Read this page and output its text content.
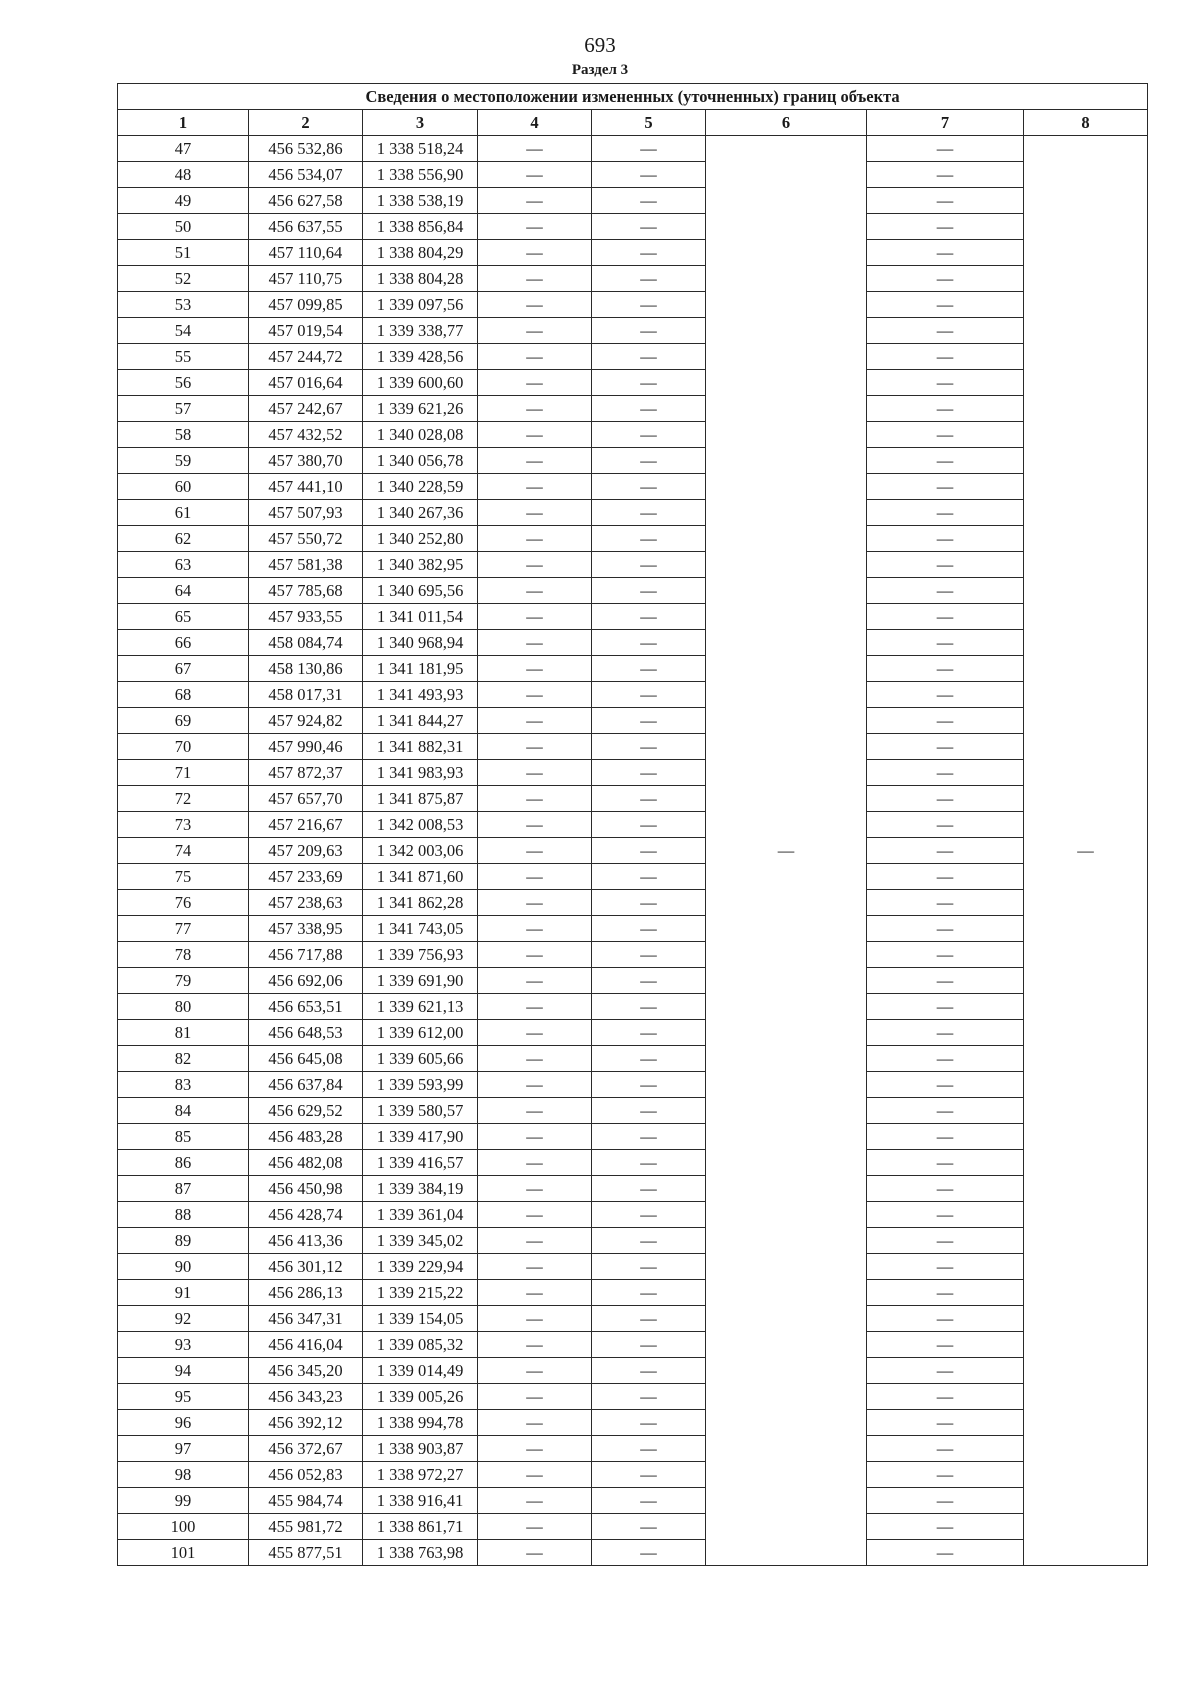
693
Раздел 3
Сведения о местоположении измененных (уточненных) границ объекта							
1	2	3	4	5	6	7	8
47	456 532,86	1 338 518,24	—	—	—	—	—
48	456 534,07	1 338 556,90	—	—		—	
49	456 627,58	1 338 538,19	—	—		—	
50	456 637,55	1 338 856,84	—	—		—	
51	457 110,64	1 338 804,29	—	—		—	
52	457 110,75	1 338 804,28	—	—		—	
53	457 099,85	1 339 097,56	—	—		—	
54	457 019,54	1 339 338,77	—	—		—	
55	457 244,72	1 339 428,56	—	—		—	
56	457 016,64	1 339 600,60	—	—		—	
57	457 242,67	1 339 621,26	—	—		—	
58	457 432,52	1 340 028,08	—	—		—	
59	457 380,70	1 340 056,78	—	—		—	
60	457 441,10	1 340 228,59	—	—		—	
61	457 507,93	1 340 267,36	—	—		—	
62	457 550,72	1 340 252,80	—	—		—	
63	457 581,38	1 340 382,95	—	—		—	
64	457 785,68	1 340 695,56	—	—		—	
65	457 933,55	1 341 011,54	—	—		—	
66	458 084,74	1 340 968,94	—	—		—	
67	458 130,86	1 341 181,95	—	—		—	
68	458 017,31	1 341 493,93	—	—		—	
69	457 924,82	1 341 844,27	—	—		—	
70	457 990,46	1 341 882,31	—	—		—	
71	457 872,37	1 341 983,93	—	—		—	
72	457 657,70	1 341 875,87	—	—		—	
73	457 216,67	1 342 008,53	—	—		—	
74	457 209,63	1 342 003,06	—	—		—	
75	457 233,69	1 341 871,60	—	—		—	
76	457 238,63	1 341 862,28	—	—		—	
77	457 338,95	1 341 743,05	—	—		—	
78	456 717,88	1 339 756,93	—	—		—	
79	456 692,06	1 339 691,90	—	—		—	
80	456 653,51	1 339 621,13	—	—		—	
81	456 648,53	1 339 612,00	—	—		—	
82	456 645,08	1 339 605,66	—	—		—	
83	456 637,84	1 339 593,99	—	—		—	
84	456 629,52	1 339 580,57	—	—		—	
85	456 483,28	1 339 417,90	—	—		—	
86	456 482,08	1 339 416,57	—	—		—	
87	456 450,98	1 339 384,19	—	—		—	
88	456 428,74	1 339 361,04	—	—		—	
89	456 413,36	1 339 345,02	—	—		—	
90	456 301,12	1 339 229,94	—	—		—	
91	456 286,13	1 339 215,22	—	—		—	
92	456 347,31	1 339 154,05	—	—		—	
93	456 416,04	1 339 085,32	—	—		—	
94	456 345,20	1 339 014,49	—	—		—	
95	456 343,23	1 339 005,26	—	—		—	
96	456 392,12	1 338 994,78	—	—		—	
97	456 372,67	1 338 903,87	—	—		—	
98	456 052,83	1 338 972,27	—	—		—	
99	455 984,74	1 338 916,41	—	—		—	
100	455 981,72	1 338 861,71	—	—		—	
101	455 877,51	1 338 763,98	—	—		—	
